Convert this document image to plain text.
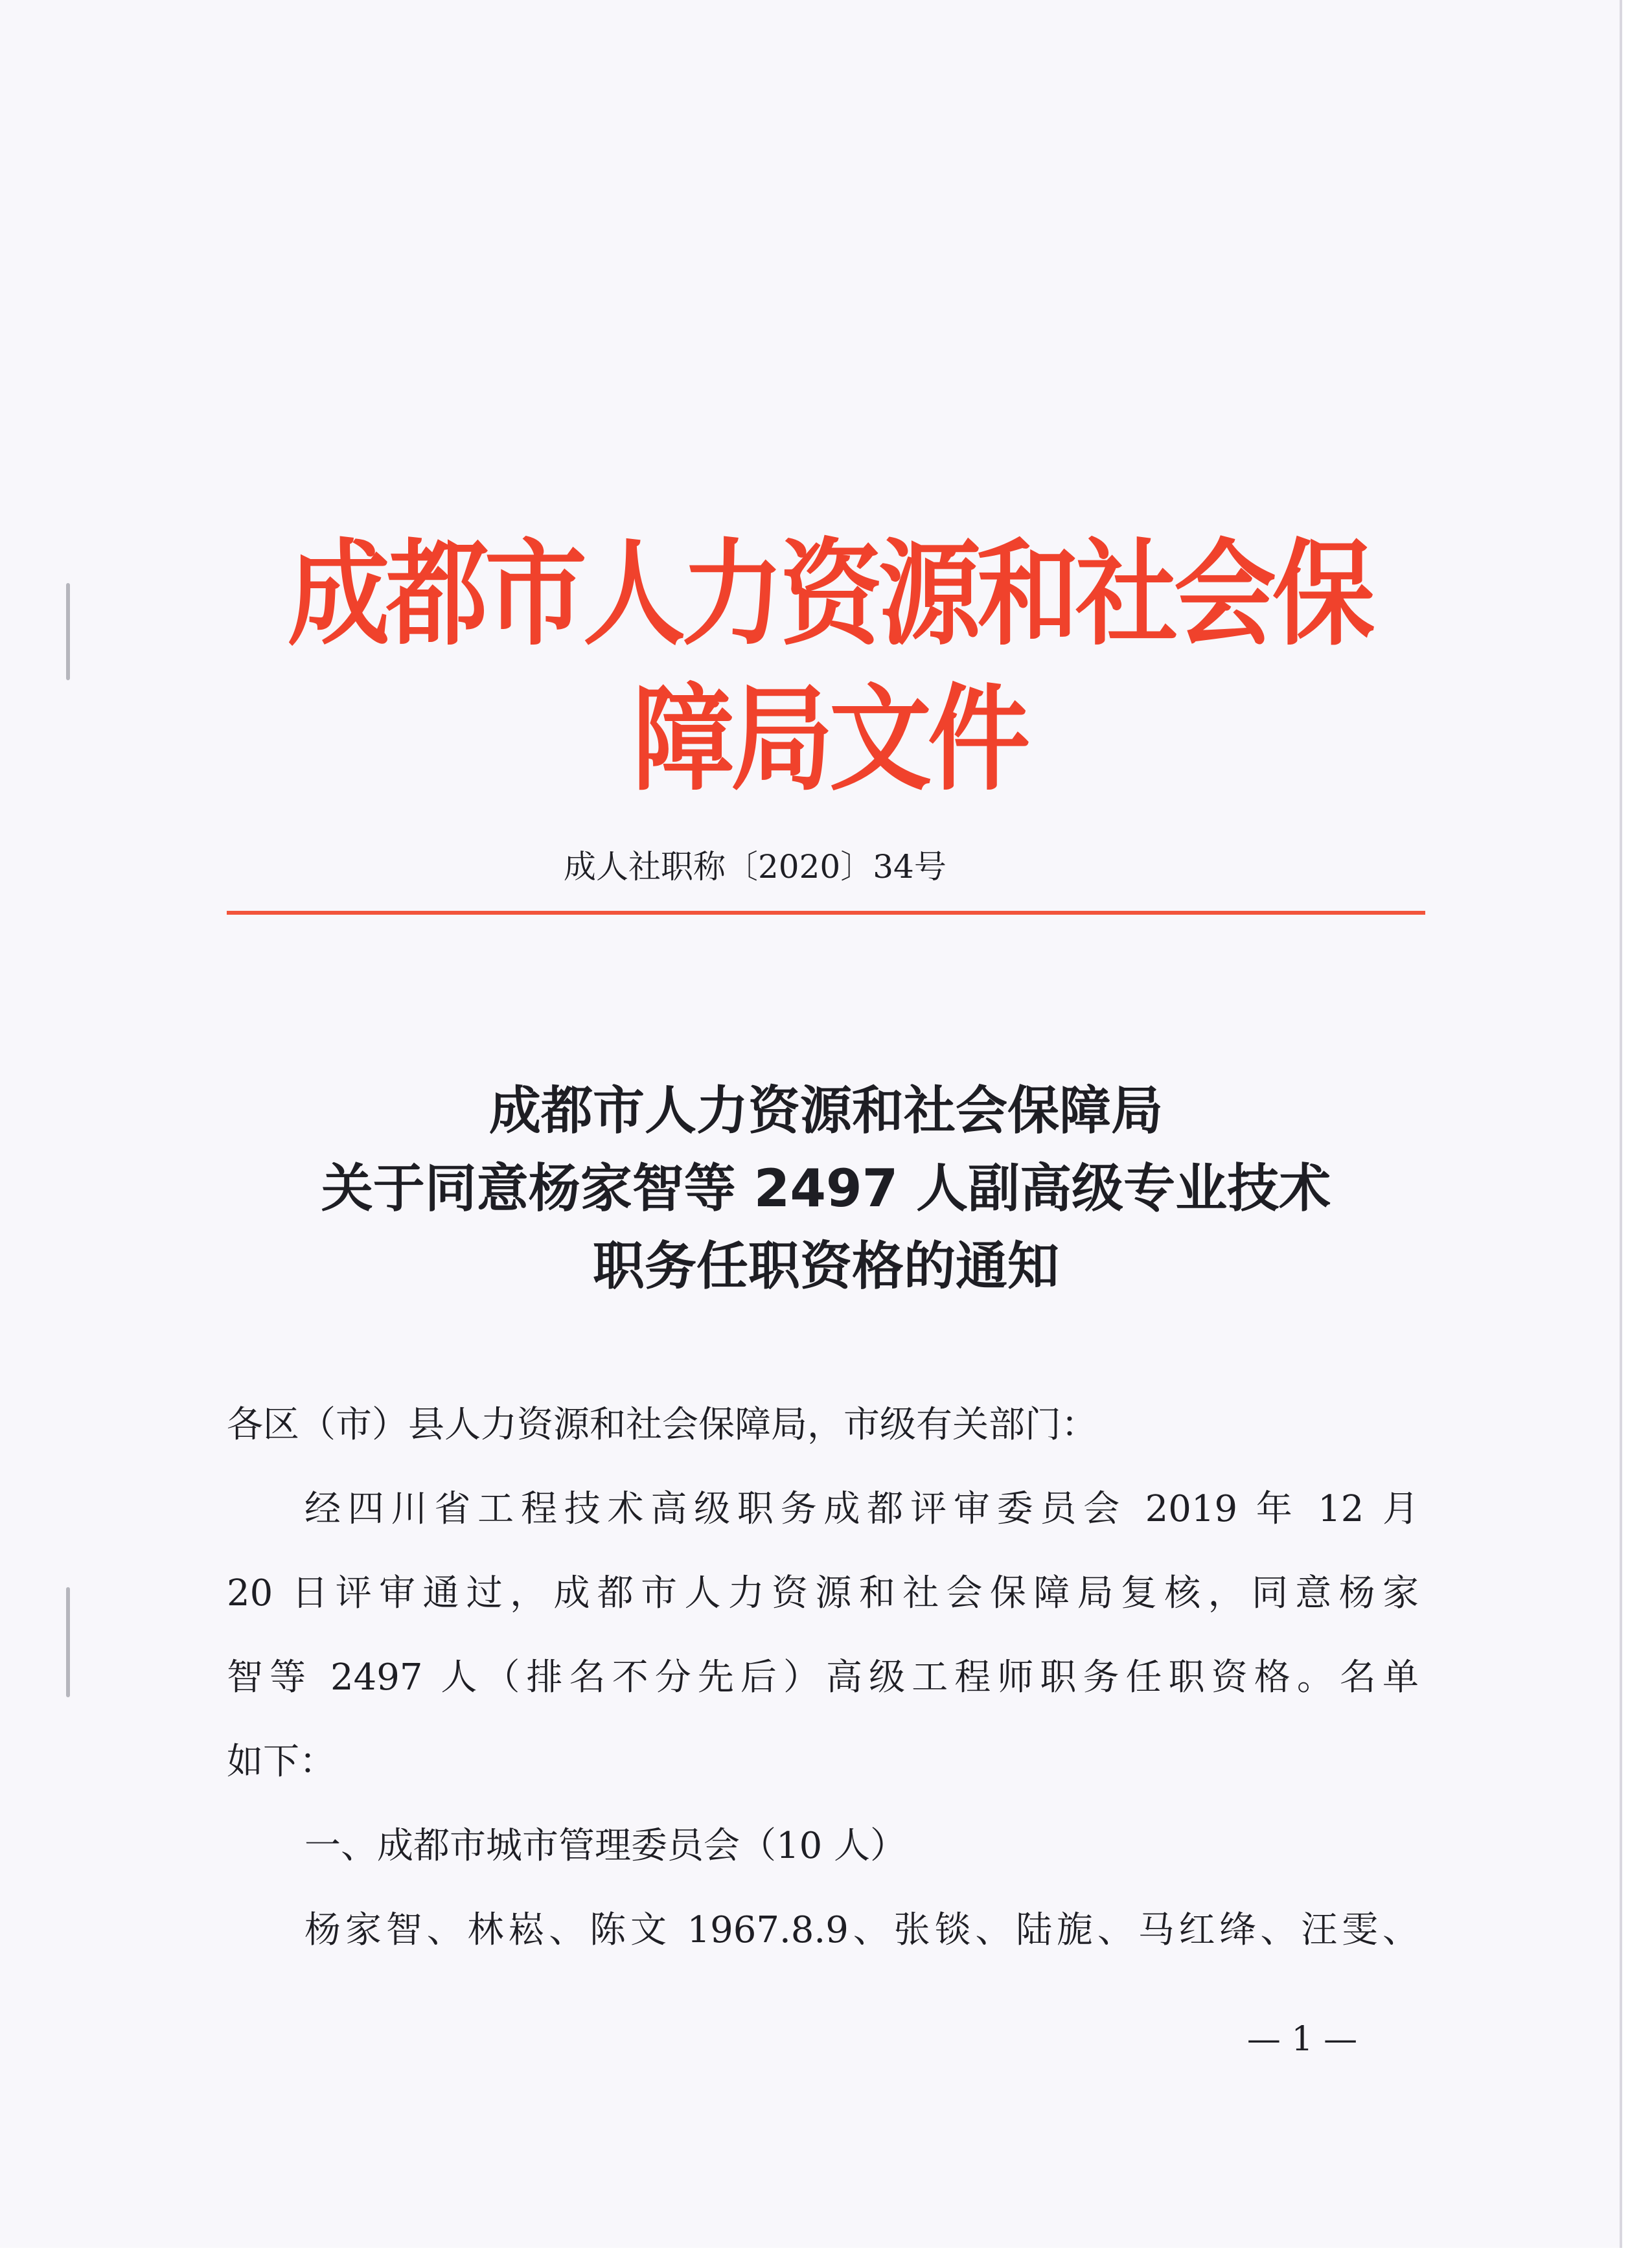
成都市人力资源和社会保障局文件
成人社职称〔2020〕34号
成都市人力资源和社会保障局
关于同意杨家智等 2497 人副高级专业技术
职务任职资格的通知
各区（市）县人力资源和社会保障局，市级有关部门：
经四川省工程技术高级职务成都评审委员会 2019 年 12 月
20 日评审通过，成都市人力资源和社会保障局复核，同意杨家
智等 2497 人（排名不分先后）高级工程师职务任职资格。名单
如下：
一、成都市城市管理委员会（10 人）
杨家智、林崧、陈文 1967.8.9、张锬、陆旎、马红绛、汪雯、
— 1 —
